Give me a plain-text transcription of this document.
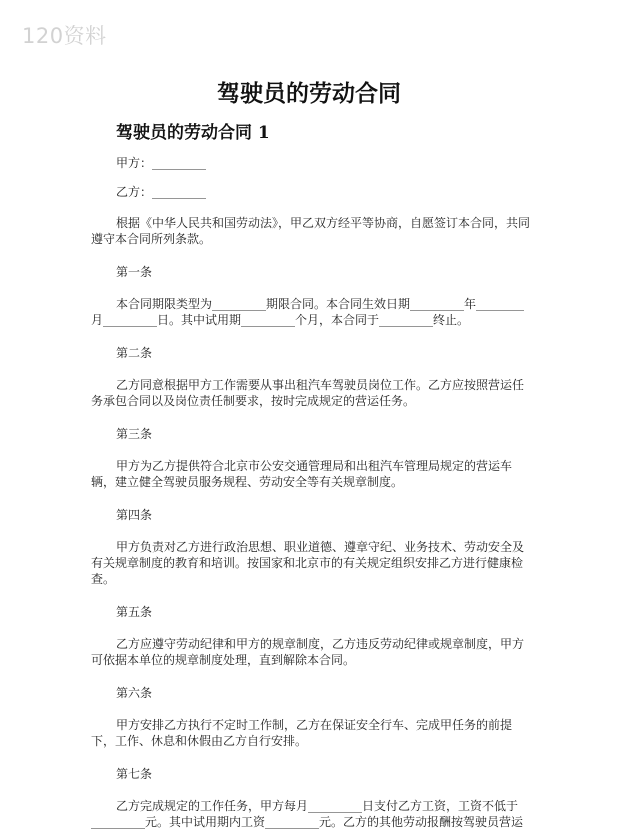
120资料
驾驶员的劳动合同
驾驶员的劳动合同 1

甲方：_________

乙方：_________

根据《中华人民共和国劳动法》，甲乙双方经平等协商，自愿签订本合同，共同遵守本合同所列条款。

第一条

本合同期限类型为_________期限合同。本合同生效日期_________年________月_________日。其中试用期_________个月，本合同于_________终止。

第二条

乙方同意根据甲方工作需要从事出租汽车驾驶员岗位工作。乙方应按照营运任务承包合同以及岗位责任制要求，按时完成规定的营运任务。

第三条

甲方为乙方提供符合北京市公安交通管理局和出租汽车管理局规定的营运车辆，建立健全驾驶员服务规程、劳动安全等有关规章制度。

第四条

甲方负责对乙方进行政治思想、职业道德、遵章守纪、业务技术、劳动安全及有关规章制度的教育和培训。按国家和北京市的有关规定组织安排乙方进行健康检查。

第五条

乙方应遵守劳动纪律和甲方的规章制度，乙方违反劳动纪律或规章制度，甲方可依据本单位的规章制度处理，直到解除本合同。

第六条

甲方安排乙方执行不定时工作制，乙方在保证安全行车、完成甲任务的前提下，工作、休息和休假由乙方自行安排。

第七条

乙方完成规定的工作任务，甲方每月_________日支付乙方工资，工资不低于_________元。其中试用期内工资_________元。乙方的其他劳动报酬按驾驶员营运
